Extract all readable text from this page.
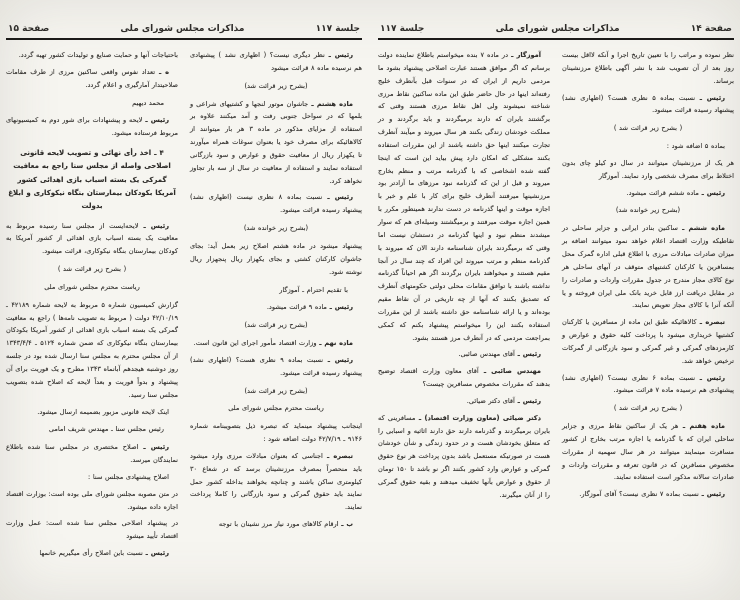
صفحة ۱۴
مذاکرات مجلس شورای ملی
جلسة ۱۱۷

نظر نموده و مراتب را با تعیین تاریخ اجرا و آنکه لااقل بیست روز بعد از آن تصویب شد با نشر آگهی باطلاع مرزنشینان برساند.

رئیس ـ نسبت بماده ۵ نظری هست؟ (اظهاری نشد) پیشنهاد رسیده قرائت میشود.

( بشرح زیر قرائت شد )

بماده ۵ اضافه شود :

هر یک از مرزنشینان میتوانند در سال دو کیلو چای بدون اختلاط برای مصرف شخصی وارد نمایند. آموزگار

رئیس ـ ماده ششم قرائت میشود.

(بشرح زیر خوانده شد)

ماده ششم ـ ساکنین بنادر ایرانی و جزایر ساحلی در نقاطیکه وزارت اقتصاد اعلام خواهد نمود میتوانند اضافه بر میزان صادرات مبادلات مرزی با اطلاع قبلی اداره گمرک محل بمسافرین یا کارکنان کشتیهای متوقف در آبهای ساحلی هر نوع کالای مجاز مندرج در جدول مقررات واردات و صادرات را در مقابل دریافت ارز قابل خرید بانک ملی ایران فروخته و یا آنکه آنرا با کالای مجاز تعویض نمایند.

تبصره ـ کالاهائیکه طبق این ماده از مسافرین یا کارکنان کشتیها خریداری میشود با پرداخت کلیه حقوق و عوارض و کارمزدهای گمرکی و غیر گمرکی و سود بازرگانی از گمرکات ترخیص خواهد شد.

رئیس ـ نسبت بماده ۶ نظری نیست؟ (اظهاری نشد) پیشنهادی هم نرسیده ماده ۷ قرائت میشود.

( بشرح زیر قرائت شد )

ماده هفتم ـ هر یک از ساکنین نقاط مرزی و جزایر ساحلی ایران که با گذرنامه یا اجازه مرتب بخارج از کشور مسافرت مینمایند میتوانند در هر سال سهمیه از مقررات مخصوص مسافرین که در قانون تعرفه و مقررات واردات و صادرات سالانه مذکور است استفاده نمایند.

رئیس ـ نسبت بماده ۷ نظری نیست؟ آقای آموزگار.

آموزگار ـ در ماده ۷ بنده میخواستم باطلاع نماینده دولت برسانم که اگر موافق هستند عبارت اصلاحی پیشنهاد بشود ما مردمی داریم از ایران که در سنوات قبل بآنطرف خلیج رفته‌اند اینها در حال حاضر طبق این ماده ساکنین نقاط مرزی شناخته نمیشوند ولی اهل نقاط مرزی هستند وقتی که برگشتند بایران که دارند برمیگردند و باید برگردند و در مملکت خودشان زندگی بکنند هر سال میروند و میآیند آنطرف تجارت میکنند اینها حق داشته باشند از این مقررات استفاده بکنند مشکلی که امکان دارد پیش بیاید این است که اینجا گفته شده اشخاصی که با گذرنامه مرتب و منظم بخارج میروند و قبل از این که گذرنامه نبود مرزهای ما آزادتر بود مرزنشینها میرفتند آنطرف خلیج برای کار با علم و خبر با اجازه موقت و اینها گذرنامه در دست ندارند همینطور مکرر با همین اجازه موقت میرفتند و برمیگشتند وسیله‌ای هم که سوار میشدند منظم نبود و اینها گذرنامه در دستشان نیست اما وقتی که برمیگردند بایران شناسنامه دارند الان که میروند با گذرنامه منظم و مرتب میروند این افراد که چند سال در آنجا مقیم هستند و میخواهند بایران برگردند اگر هم احیاناً گذرنامه نداشته باشند با توافق مقامات محلی دولتی حکومتهای آنطرف که تصدیق بکنند که آنها از چه تاریخی در آن نقاط مقیم بوده‌اند و یا ارائه شناسنامه حق داشته باشند از این مقررات استفاده بکنند این را میخواستم پیشنهاد بکنم که کمکی بمراجعت مردمی که در آنطرف مرز هستند بشود.

رئیس ـ آقای مهندس صائبی.

مهندس صائبی ـ آقای معاون وزارت اقتصاد توضیح بدهند که مقررات مخصوص مسافرین چیست؟

رئیس ـ آقای دکتر ضیائی.

دکتر ضیائی (معاون وزارت اقتصاد) ـ مسافرینی که بایران برمیگردند و گذرنامه دارند حق دارند اثاثیه و اسبابی را که متعلق بخودشان هست و در حدود زندگی و شأن خودشان هست در صورتیکه مستعمل باشد بدون پرداخت هر نوع حقوق گمرکی و عوارض وارد کشور بکنند اگر نو باشد تا ۱۵۰ تومان از حقوق و عوارض بآنها تخفیف میدهند و بقیه حقوق گمرکی را از آنان میگیرند.

جلسة ۱۱۷
مذاکرات مجلس شورای ملی
صفحة ۱۵

رئیس ـ نظر دیگری نیست؟ ( اظهاری نشد ) پیشنهادی هم نرسیده ماده ۸ قرائت میشود

(بشرح زیر قرائت شد)

ماده هشتم ـ جاشوان موتور لنجها و کشتیهای شراعی و بلمها که در سواحل جنوبی رفت و آمد میکنند علاوه بر استفاده از مزایای مذکور در ماده ۳ هر بار میتوانند از کالاهائیکه برای مصرف خود یا بعنوان سوغات همراه میآورند تا یکهزار ریال از معافیت حقوق و عوارض و سود بازرگانی استفاده نمایند و استفاده از معافیت در سال از سه بار تجاوز نخواهد کرد.

رئیس ـ نسبت بماده ۸ نظری نیست (اظهاری نشد) پیشنهاد رسیده قرائت میشود.

(بشرح زیر خوانده شد)

پیشنهاد میشود در ماده هشتم اصلاح زیر بعمل آید: بجای جاشوان کارکنان کشتی و بجای یکهزار ریال پنجهزار ریال نوشته شود.

با تقدیم احترام ـ آموزگار

رئیس ـ ماده ۹ قرائت میشود.

(بشرح زیر قرائت شد)

ماده نهم ـ وزارت اقتصاد مأمور اجرای این قانون است.

رئیس ـ نسبت بماده ۹ نظری هست؟ (اظهاری نشد) پیشنهاد رسیده قرائت میشود.

(بشرح زیر قرائت شد)

ریاست محترم مجلس شورای ملی

اینجانب پیشنهاد مینماید که تبصره ذیل بتصویبنامه شماره ۹۱۴۶ ـ ۴۲/۷/۱۹ دولت اضافه شود :

تبصره ـ اجناسی که بعنوان مبادلات مرزی وارد میشود باید منحصراً بمصرف مرزنشینان برسد که در شعاع ۳۰ کیلومتری ساکن باشند و چنانچه بخواهند بداخله کشور حمل نمایند باید حقوق گمرکی و سود بازرگانی را کاملا پرداخت نمایند.

ب ـ ارقام کالاهای مورد نیاز مرز نشینان با توجه

باحتیاجات آنها و حمایت صنایع و تولیدات کشور تهیه گردد.

ه ـ تعداد نفوس واقعی ساکنین مرزی از طرف مقامات صلاحیتدار آمارگیری و اعلام گردد.

محمد دیهیم

رئیس ـ لایحه و پیشنهادات برای شور دوم به کمیسیونهای مربوط فرستاده میشود.

۴ ـ اخذ رأی نهائی و تصویب لایحه قانونی اصلاحی واصله از مجلس سنا راجع به معافیت گمرکی یک بسته اسباب بازی اهدائی کشور آمریکا بکودکان بیمارستان بنگاه نیکوکاری و ابلاغ بدولت

رئیس ـ لایحه‌ایست از مجلس سنا رسیده مربوط به معافیت یک بسته اسباب بازی اهدائی از کشور آمریکا به کودکان بیمارستان بنگاه نیکوکاری، قرائت میشود.

( بشرح زیر قرائت شد )

ریاست محترم مجلس شورای ملی

گزارش کمیسیون شماره ۵ مربوط به لایحه شماره ۴۲۱۸۹ ـ ۴۲/۱۰/۱۹ دولت ( مربوط به تصویب نامه‌ها ) راجع به معافیت گمرکی یک بسته اسباب بازی اهدائی از کشور آمریکا بکودکان بیمارستان بنگاه نیکوکاری که ضمن شماره ۵۱۲۴ ـ ۱۳۴۳/۴/۴ از آن مجلس محترم به مجلس سنا ارسال شده بود در جلسه روز دوشنبه هیجدهم آبانماه ۱۳۴۳ مطرح و یک فوریت برای آن پیشنهاد و بدواً فوریت و بعداً لایحه که اصلاح شده بتصویب مجلس سنا رسید.

اینک لایحه قانونی مزبور بضمیمه ارسال میشود.

رئیس مجلس سنا ـ مهندس شریف امامی

رئیس ـ اصلاح مختصری در مجلس سنا شده باطلاع نمایندگان میرسد.

اصلاح پیشنهادی مجلس سنا :

در متن مصوبه مجلس شورای ملی بوده است: بوزارت اقتصاد اجازه داده میشود.

در پیشنهاد اصلاحی مجلس سنا شده است: عمل وزارت اقتصاد تأیید میشود

رئیس ـ نسبت باین اصلاح رأی میگیریم خانمها
